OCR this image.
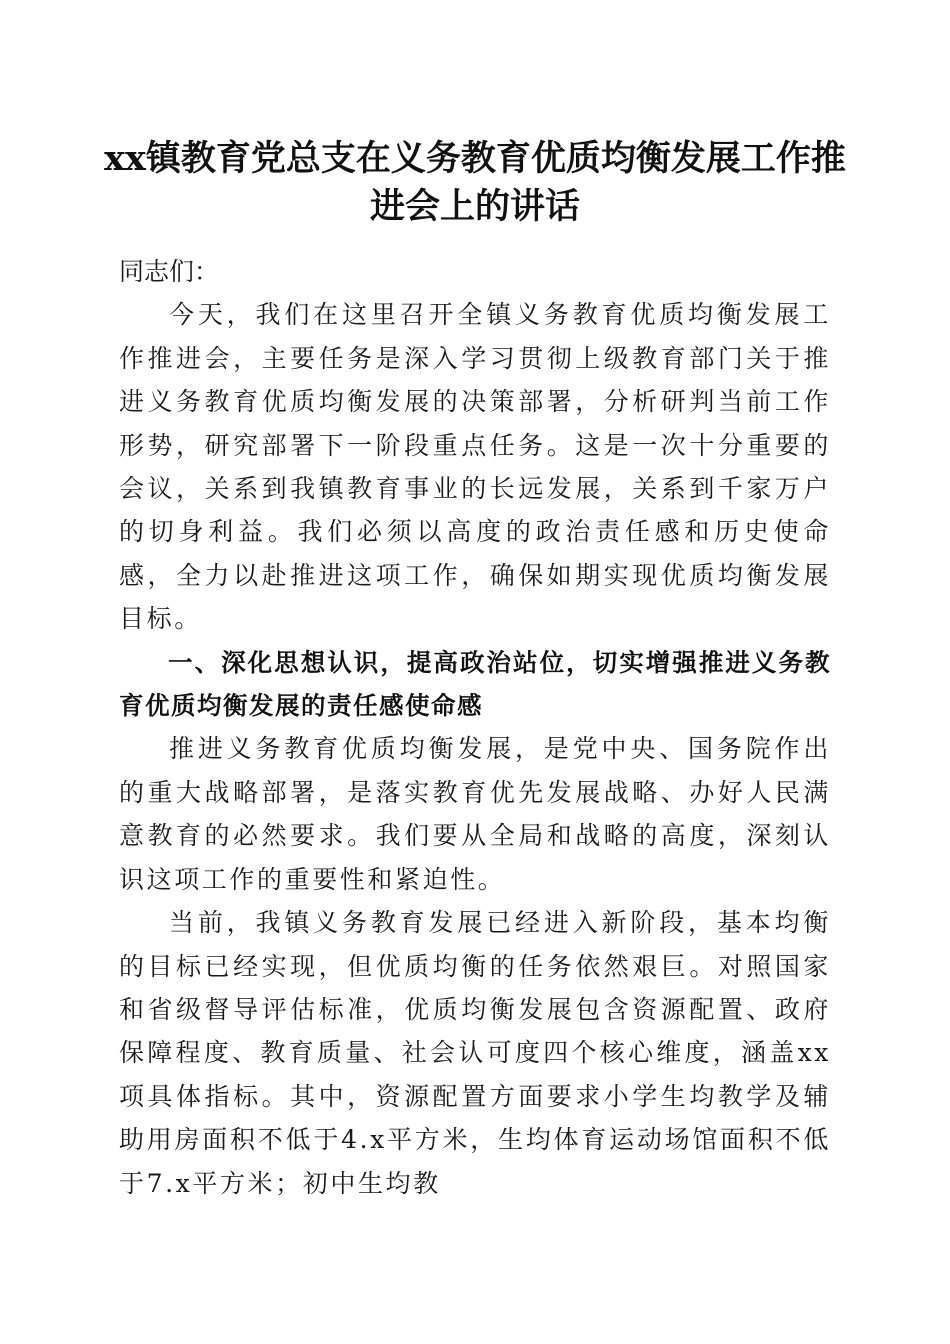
xx镇教育党总支在义务教育优质均衡发展工作推进会上的讲话

同志们：

今天，我们在这里召开全镇义务教育优质均衡发展工作推进会，主要任务是深入学习贯彻上级教育部门关于推进义务教育优质均衡发展的决策部署，分析研判当前工作形势，研究部署下一阶段重点任务。这是一次十分重要的会议，关系到我镇教育事业的长远发展，关系到千家万户的切身利益。我们必须以高度的政治责任感和历史使命感，全力以赴推进这项工作，确保如期实现优质均衡发展目标。

一、深化思想认识，提高政治站位，切实增强推进义务教育优质均衡发展的责任感使命感

推进义务教育优质均衡发展，是党中央、国务院作出的重大战略部署，是落实教育优先发展战略、办好人民满意教育的必然要求。我们要从全局和战略的高度，深刻认识这项工作的重要性和紧迫性。

当前，我镇义务教育发展已经进入新阶段，基本均衡的目标已经实现，但优质均衡的任务依然艰巨。对照国家和省级督导评估标准，优质均衡发展包含资源配置、政府保障程度、教育质量、社会认可度四个核心维度，涵盖xx项具体指标。其中，资源配置方面要求小学生均教学及辅助用房面积不低于4.x平方米，生均体育运动场馆面积不低于7.x平方米；初中生均教
